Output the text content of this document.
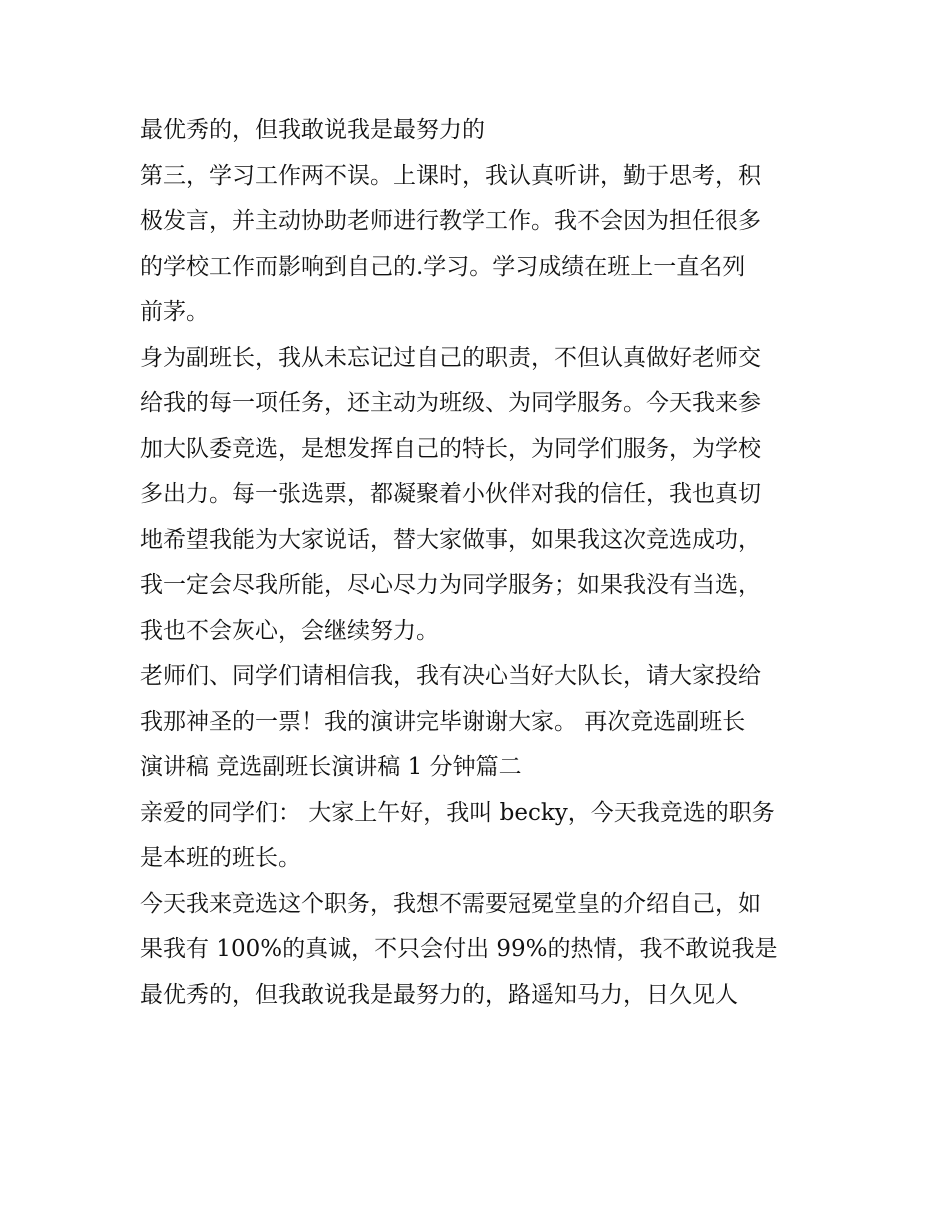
最优秀的，但我敢说我是最努力的

第三，学习工作两不误。上课时，我认真听讲，勤于思考，积

极发言，并主动协助老师进行教学工作。我不会因为担任很多

的学校工作而影响到自己的.学习。学习成绩在班上一直名列

前茅。

身为副班长，我从未忘记过自己的职责，不但认真做好老师交

给我的每一项任务，还主动为班级、为同学服务。今天我来参

加大队委竞选，是想发挥自己的特长，为同学们服务，为学校

多出力。每一张选票，都凝聚着小伙伴对我的信任，我也真切

地希望我能为大家说话，替大家做事，如果我这次竞选成功，

我一定会尽我所能，尽心尽力为同学服务；如果我没有当选，

我也不会灰心，会继续努力。

老师们、同学们请相信我，我有决心当好大队长，请大家投给

我那神圣的一票！我的演讲完毕谢谢大家。 再次竞选副班长

演讲稿 竞选副班长演讲稿 1 分钟篇二

亲爱的同学们： 大家上午好，我叫 becky，今天我竞选的职务

是本班的班长。

今天我来竞选这个职务，我想不需要冠冕堂皇的介绍自己，如

果我有 100%的真诚，不只会付出 99%的热情，我不敢说我是

最优秀的，但我敢说我是最努力的，路遥知马力，日久见人
